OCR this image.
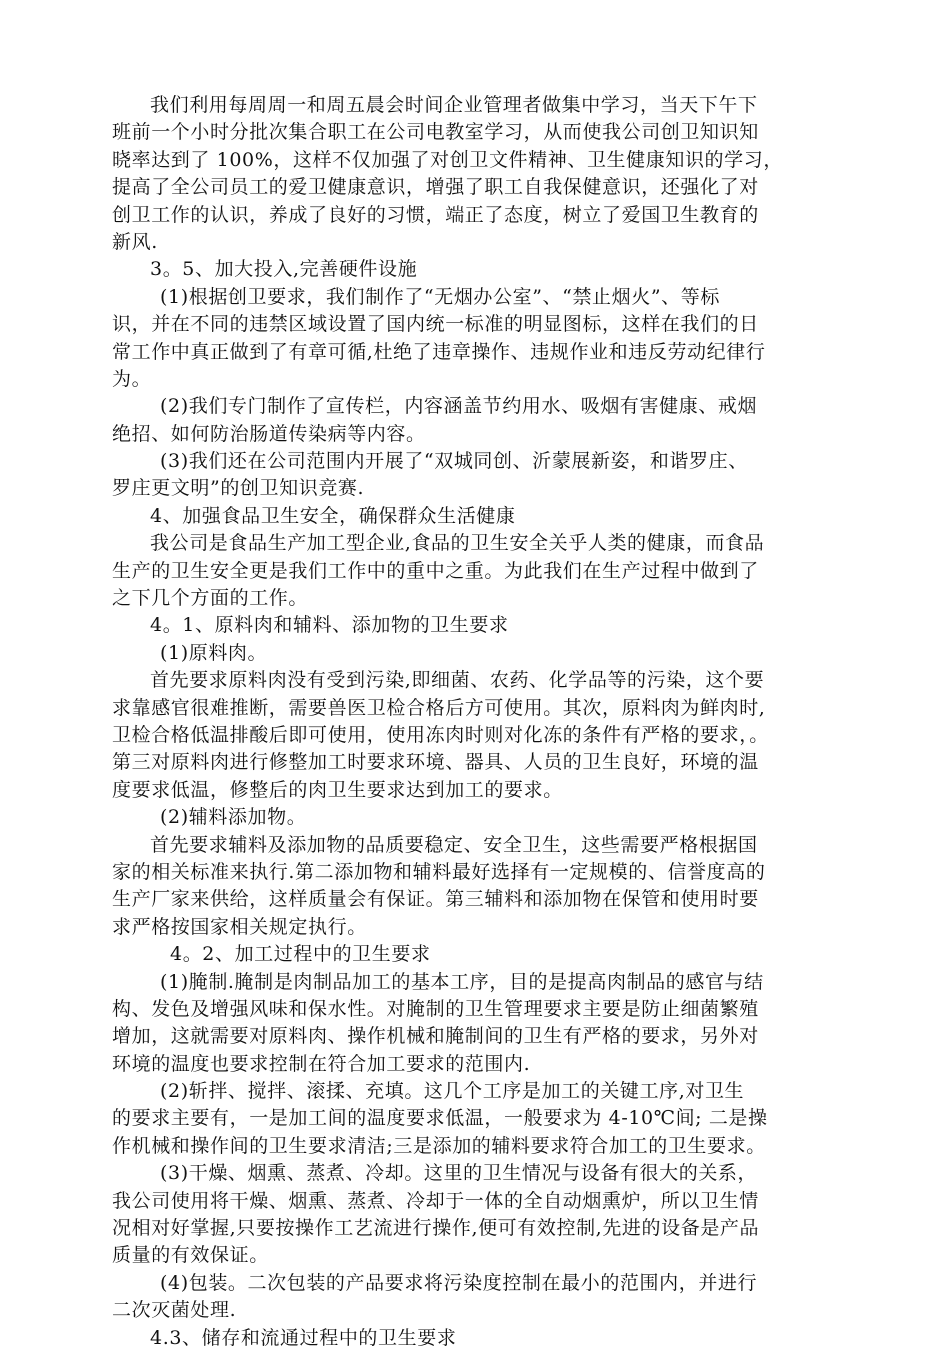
我们利用每周周一和周五晨会时间企业管理者做集中学习，当天下午下
班前一个小时分批次集合职工在公司电教室学习，从而使我公司创卫知识知
晓率达到了 100%，这样不仅加强了对创卫文件精神、卫生健康知识的学习，
提高了全公司员工的爱卫健康意识，增强了职工自我保健意识，还强化了对
创卫工作的认识，养成了良好的习惯，端正了态度，树立了爱国卫生教育的
新风.
3。5、加大投入,完善硬件设施
(1)根据创卫要求，我们制作了“无烟办公室”、“禁止烟火”、等标
识，并在不同的违禁区域设置了国内统一标准的明显图标，这样在我们的日
常工作中真正做到了有章可循,杜绝了违章操作、违规作业和违反劳动纪律行
为。
(2)我们专门制作了宣传栏，内容涵盖节约用水、吸烟有害健康、戒烟
绝招、如何防治肠道传染病等内容。
(3)我们还在公司范围内开展了“双城同创、沂蒙展新姿，和谐罗庄、
罗庄更文明”的创卫知识竞赛.
4、加强食品卫生安全，确保群众生活健康
我公司是食品生产加工型企业,食品的卫生安全关乎人类的健康，而食品
生产的卫生安全更是我们工作中的重中之重。为此我们在生产过程中做到了
之下几个方面的工作。
4。1、原料肉和辅料、添加物的卫生要求
(1)原料肉。
首先要求原料肉没有受到污染,即细菌、农药、化学品等的污染，这个要
求靠感官很难推断，需要兽医卫检合格后方可使用。其次，原料肉为鲜肉时,
卫检合格低温排酸后即可使用，使用冻肉时则对化冻的条件有严格的要求，。
第三对原料肉进行修整加工时要求环境、器具、人员的卫生良好，环境的温
度要求低温，修整后的肉卫生要求达到加工的要求。
(2)辅料添加物。
首先要求辅料及添加物的品质要稳定、安全卫生，这些需要严格根据国
家的相关标准来执行.第二添加物和辅料最好选择有一定规模的、信誉度高的
生产厂家来供给，这样质量会有保证。第三辅料和添加物在保管和使用时要
求严格按国家相关规定执行。
4。2、加工过程中的卫生要求
(1)腌制.腌制是肉制品加工的基本工序，目的是提高肉制品的感官与结
构、发色及增强风味和保水性。对腌制的卫生管理要求主要是防止细菌繁殖
增加，这就需要对原料肉、操作机械和腌制间的卫生有严格的要求，另外对
环境的温度也要求控制在符合加工要求的范围内.
(2)斩拌、搅拌、滚揉、充填。这几个工序是加工的关键工序,对卫生
的要求主要有，一是加工间的温度要求低温，一般要求为 4-10℃间; 二是操
作机械和操作间的卫生要求清洁;三是添加的辅料要求符合加工的卫生要求。
(3)干燥、烟熏、蒸煮、冷却。这里的卫生情况与设备有很大的关系，
我公司使用将干燥、烟熏、蒸煮、冷却于一体的全自动烟熏炉，所以卫生情
况相对好掌握,只要按操作工艺流进行操作,便可有效控制,先进的设备是产品
质量的有效保证。
(4)包装。二次包装的产品要求将污染度控制在最小的范围内，并进行
二次灭菌处理.
4.3、储存和流通过程中的卫生要求
